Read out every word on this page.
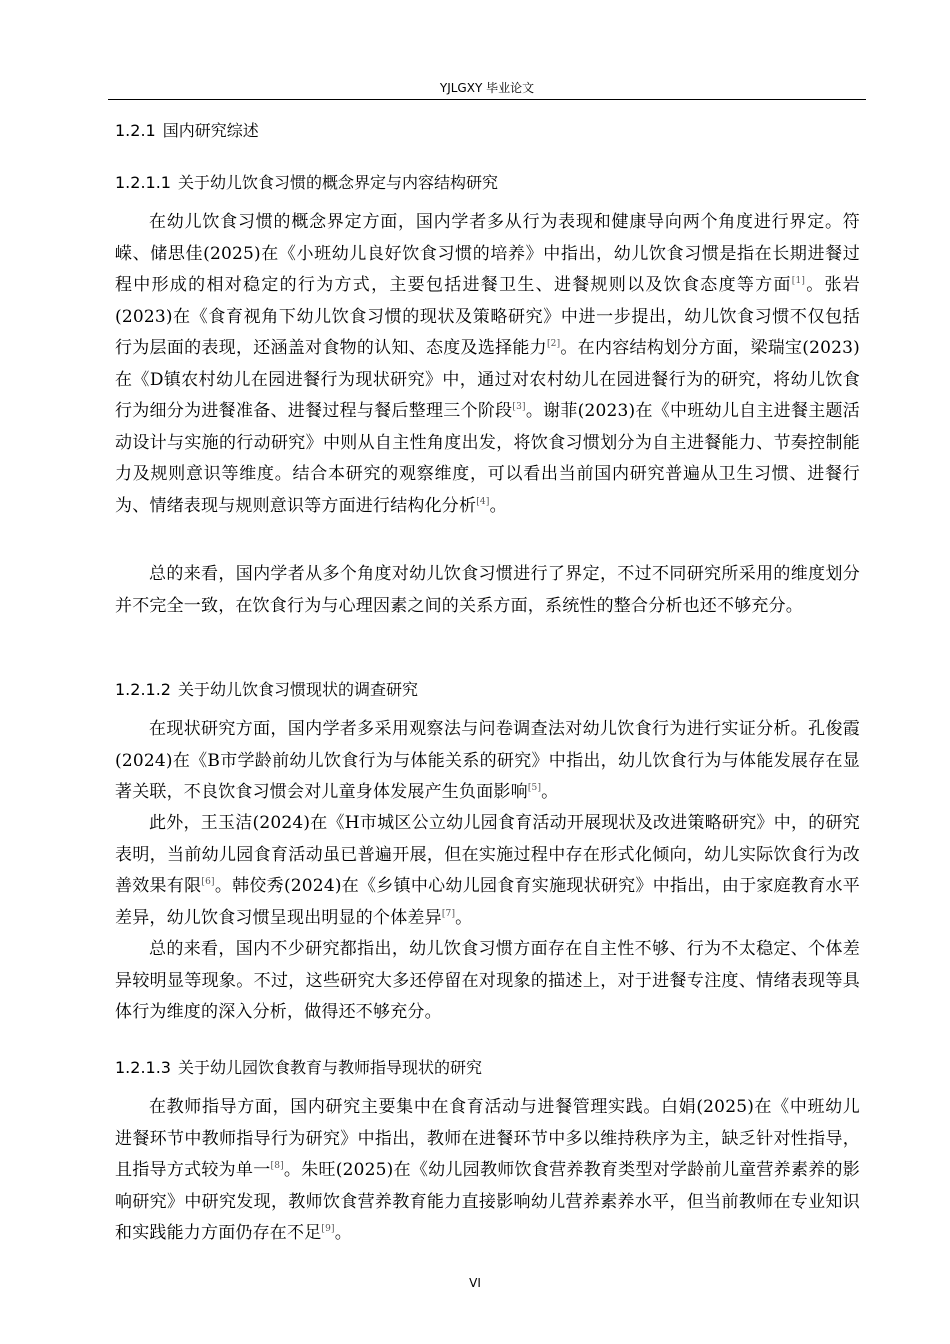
YJLGXY 毕业论文
1.2.1 国内研究综述
1.2.1.1 关于幼儿饮食习惯的概念界定与内容结构研究
在幼儿饮食习惯的概念界定方面，国内学者多从行为表现和健康导向两个角度进行界定。符嵘、储思佳(2025)在《小班幼儿良好饮食习惯的培养》中指出，幼儿饮食习惯是指在长期进餐过程中形成的相对稳定的行为方式，主要包括进餐卫生、进餐规则以及饮食态度等方面[1]。张岩(2023)在《食育视角下幼儿饮食习惯的现状及策略研究》中进一步提出，幼儿饮食习惯不仅包括行为层面的表现，还涵盖对食物的认知、态度及选择能力[2]。在内容结构划分方面，梁瑞宝(2023)在《D镇农村幼儿在园进餐行为现状研究》中，通过对农村幼儿在园进餐行为的研究，将幼儿饮食行为细分为进餐准备、进餐过程与餐后整理三个阶段[3]。谢菲(2023)在《中班幼儿自主进餐主题活动设计与实施的行动研究》中则从自主性角度出发，将饮食习惯划分为自主进餐能力、节奏控制能力及规则意识等维度。结合本研究的观察维度，可以看出当前国内研究普遍从卫生习惯、进餐行为、情绪表现与规则意识等方面进行结构化分析[4]。
总的来看，国内学者从多个角度对幼儿饮食习惯进行了界定，不过不同研究所采用的维度划分并不完全一致，在饮食行为与心理因素之间的关系方面，系统性的整合分析也还不够充分。
1.2.1.2 关于幼儿饮食习惯现状的调查研究
在现状研究方面，国内学者多采用观察法与问卷调查法对幼儿饮食行为进行实证分析。孔俊霞(2024)在《B市学龄前幼儿饮食行为与体能关系的研究》中指出，幼儿饮食行为与体能发展存在显著关联，不良饮食习惯会对儿童身体发展产生负面影响[5]。
此外，王玉洁(2024)在《H市城区公立幼儿园食育活动开展现状及改进策略研究》中，的研究表明，当前幼儿园食育活动虽已普遍开展，但在实施过程中存在形式化倾向，幼儿实际饮食行为改善效果有限[6]。韩佼秀(2024)在《乡镇中心幼儿园食育实施现状研究》中指出，由于家庭教育水平差异，幼儿饮食习惯呈现出明显的个体差异[7]。
总的来看，国内不少研究都指出，幼儿饮食习惯方面存在自主性不够、行为不太稳定、个体差异较明显等现象。不过，这些研究大多还停留在对现象的描述上，对于进餐专注度、情绪表现等具体行为维度的深入分析，做得还不够充分。
1.2.1.3 关于幼儿园饮食教育与教师指导现状的研究
在教师指导方面，国内研究主要集中在食育活动与进餐管理实践。白娟(2025)在《中班幼儿进餐环节中教师指导行为研究》中指出，教师在进餐环节中多以维持秩序为主，缺乏针对性指导，且指导方式较为单一[8]。朱旺(2025)在《幼儿园教师饮食营养教育类型对学龄前儿童营养素养的影响研究》中研究发现，教师饮食营养教育能力直接影响幼儿营养素养水平，但当前教师在专业知识和实践能力方面仍存在不足[9]。
VI
